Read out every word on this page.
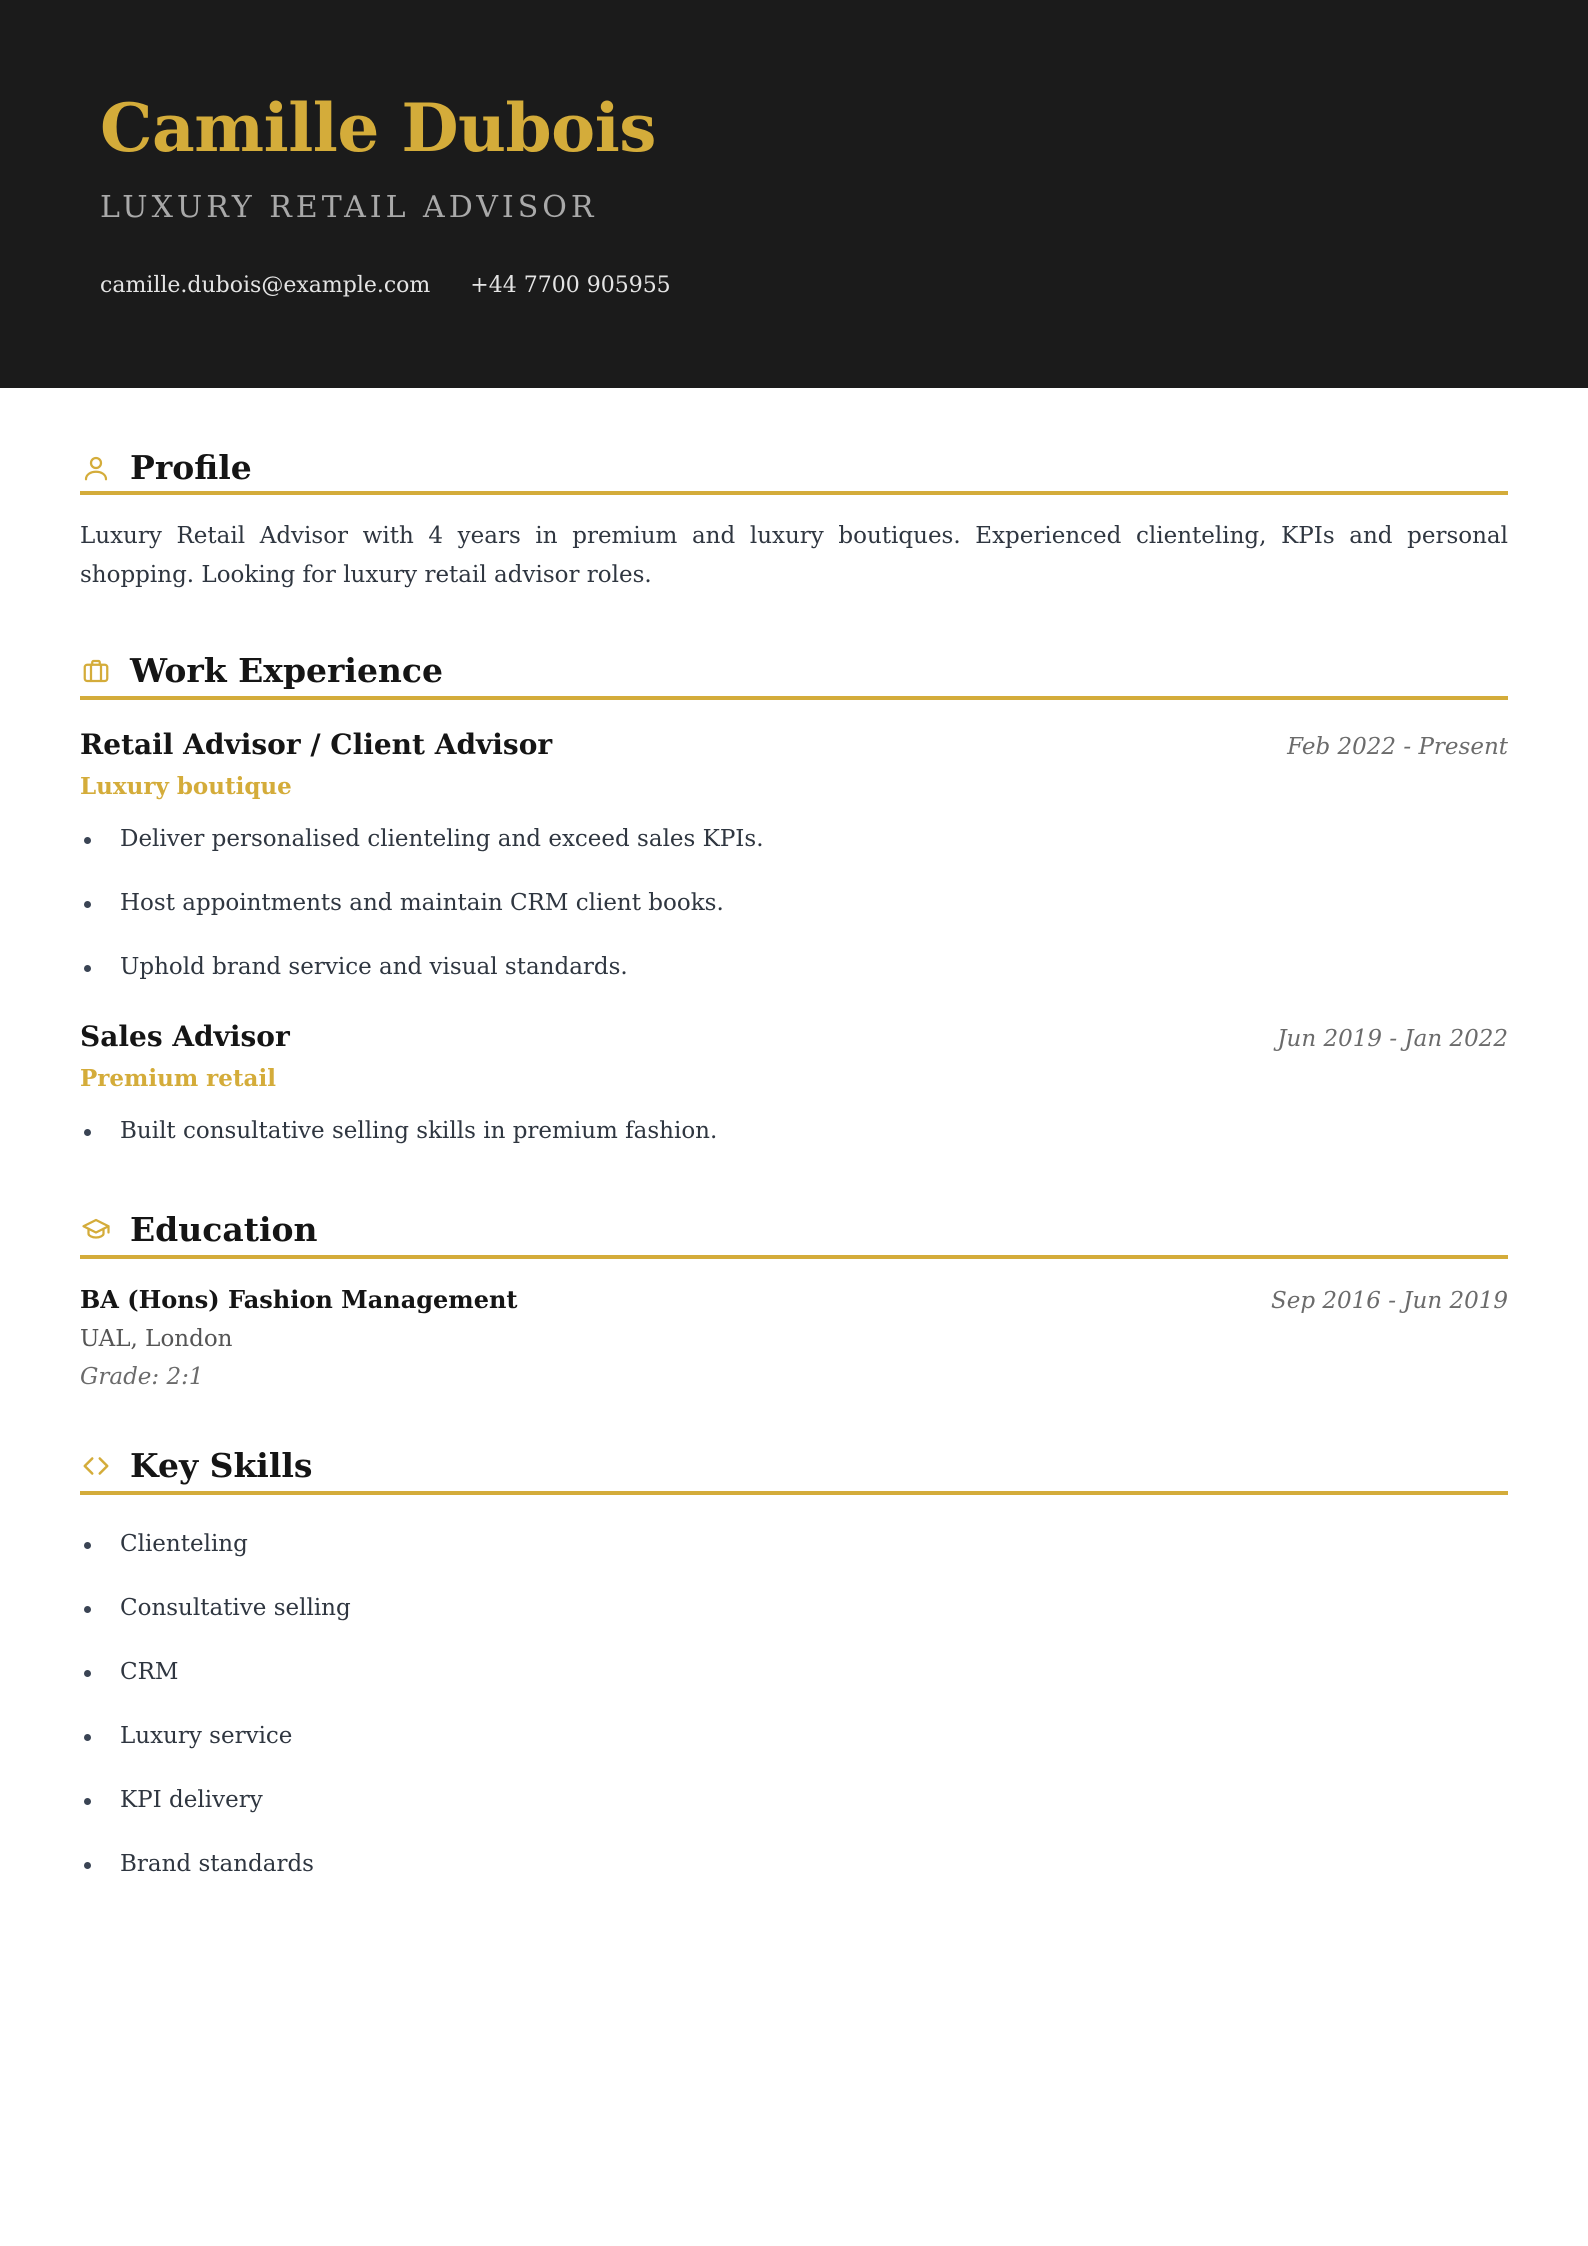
Camille Dubois
LUXURY RETAIL ADVISOR
camille.dubois@example.com +44 7700 905955
Profile

Luxury Retail Advisor with 4 years in premium and luxury boutiques. Experienced clienteling, KPIs and personal shopping. Looking for luxury retail advisor roles.

Work Experience
Retail Advisor / Client Advisor	Feb 2022 - Present
Luxury boutique
Deliver personalised clienteling and exceed sales KPIs.
Host appointments and maintain CRM client books.
Uphold brand service and visual standards.
Sales Advisor	Jun 2019 - Jan 2022
Premium retail
Built consultative selling skills in premium fashion.
Education
BA (Hons) Fashion Management	Sep 2016 - Jun 2019
UAL, London
Grade: 2:1
Key Skills
Clienteling
Consultative selling
CRM
Luxury service
KPI delivery
Brand standards
